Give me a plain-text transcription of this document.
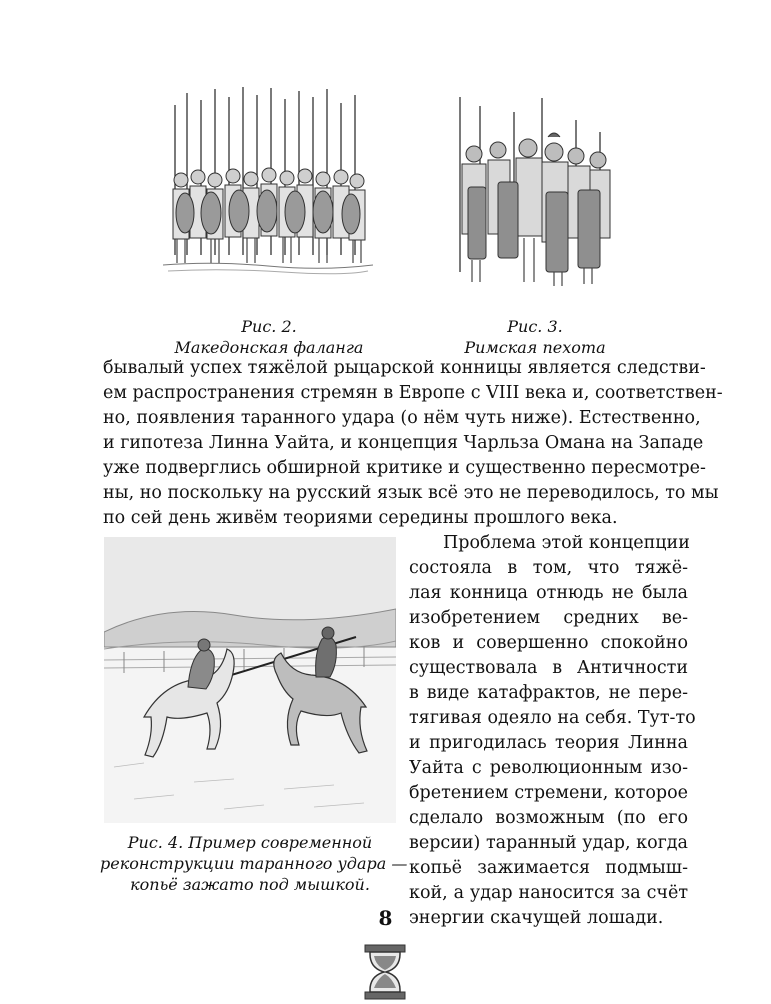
Рис. 2.
Македонская фаланга
Рис. 3.
Римская пехота
бывалый успех тяжёлой рыцарской конницы является следстви-
ем распространения стремян в Европе с VIII века и, соответствен-
но, появления таранного удара (о нём чуть ниже). Естественно,
и гипотеза Линна Уайта, и концепция Чарльза Омана на Западе
уже подверглись обширной критике и существенно пересмотре-
ны, но поскольку на русский язык всё это не переводилось, то мы
по сей день живём теориями середины прошлого века.
Рис. 4. Пример современной
реконструкции таранного удара —
копьё зажато под мышкой.
Проблема этой концепции
состояла в том, что тяжё-
лая конница отнюдь не была
изобретением средних ве-
ков и совершенно спокойно
существовала в Античности
в виде катафрактов, не пере-
тягивая одеяло на себя. Тут-то
и пригодилась теория Линна
Уайта с революционным изо-
бретением стремени, которое
сделало возможным (по его
версии) таранный удар, когда
копьё зажимается подмыш-
кой, а удар наносится за счёт
энергии скачущей лошади.
8
